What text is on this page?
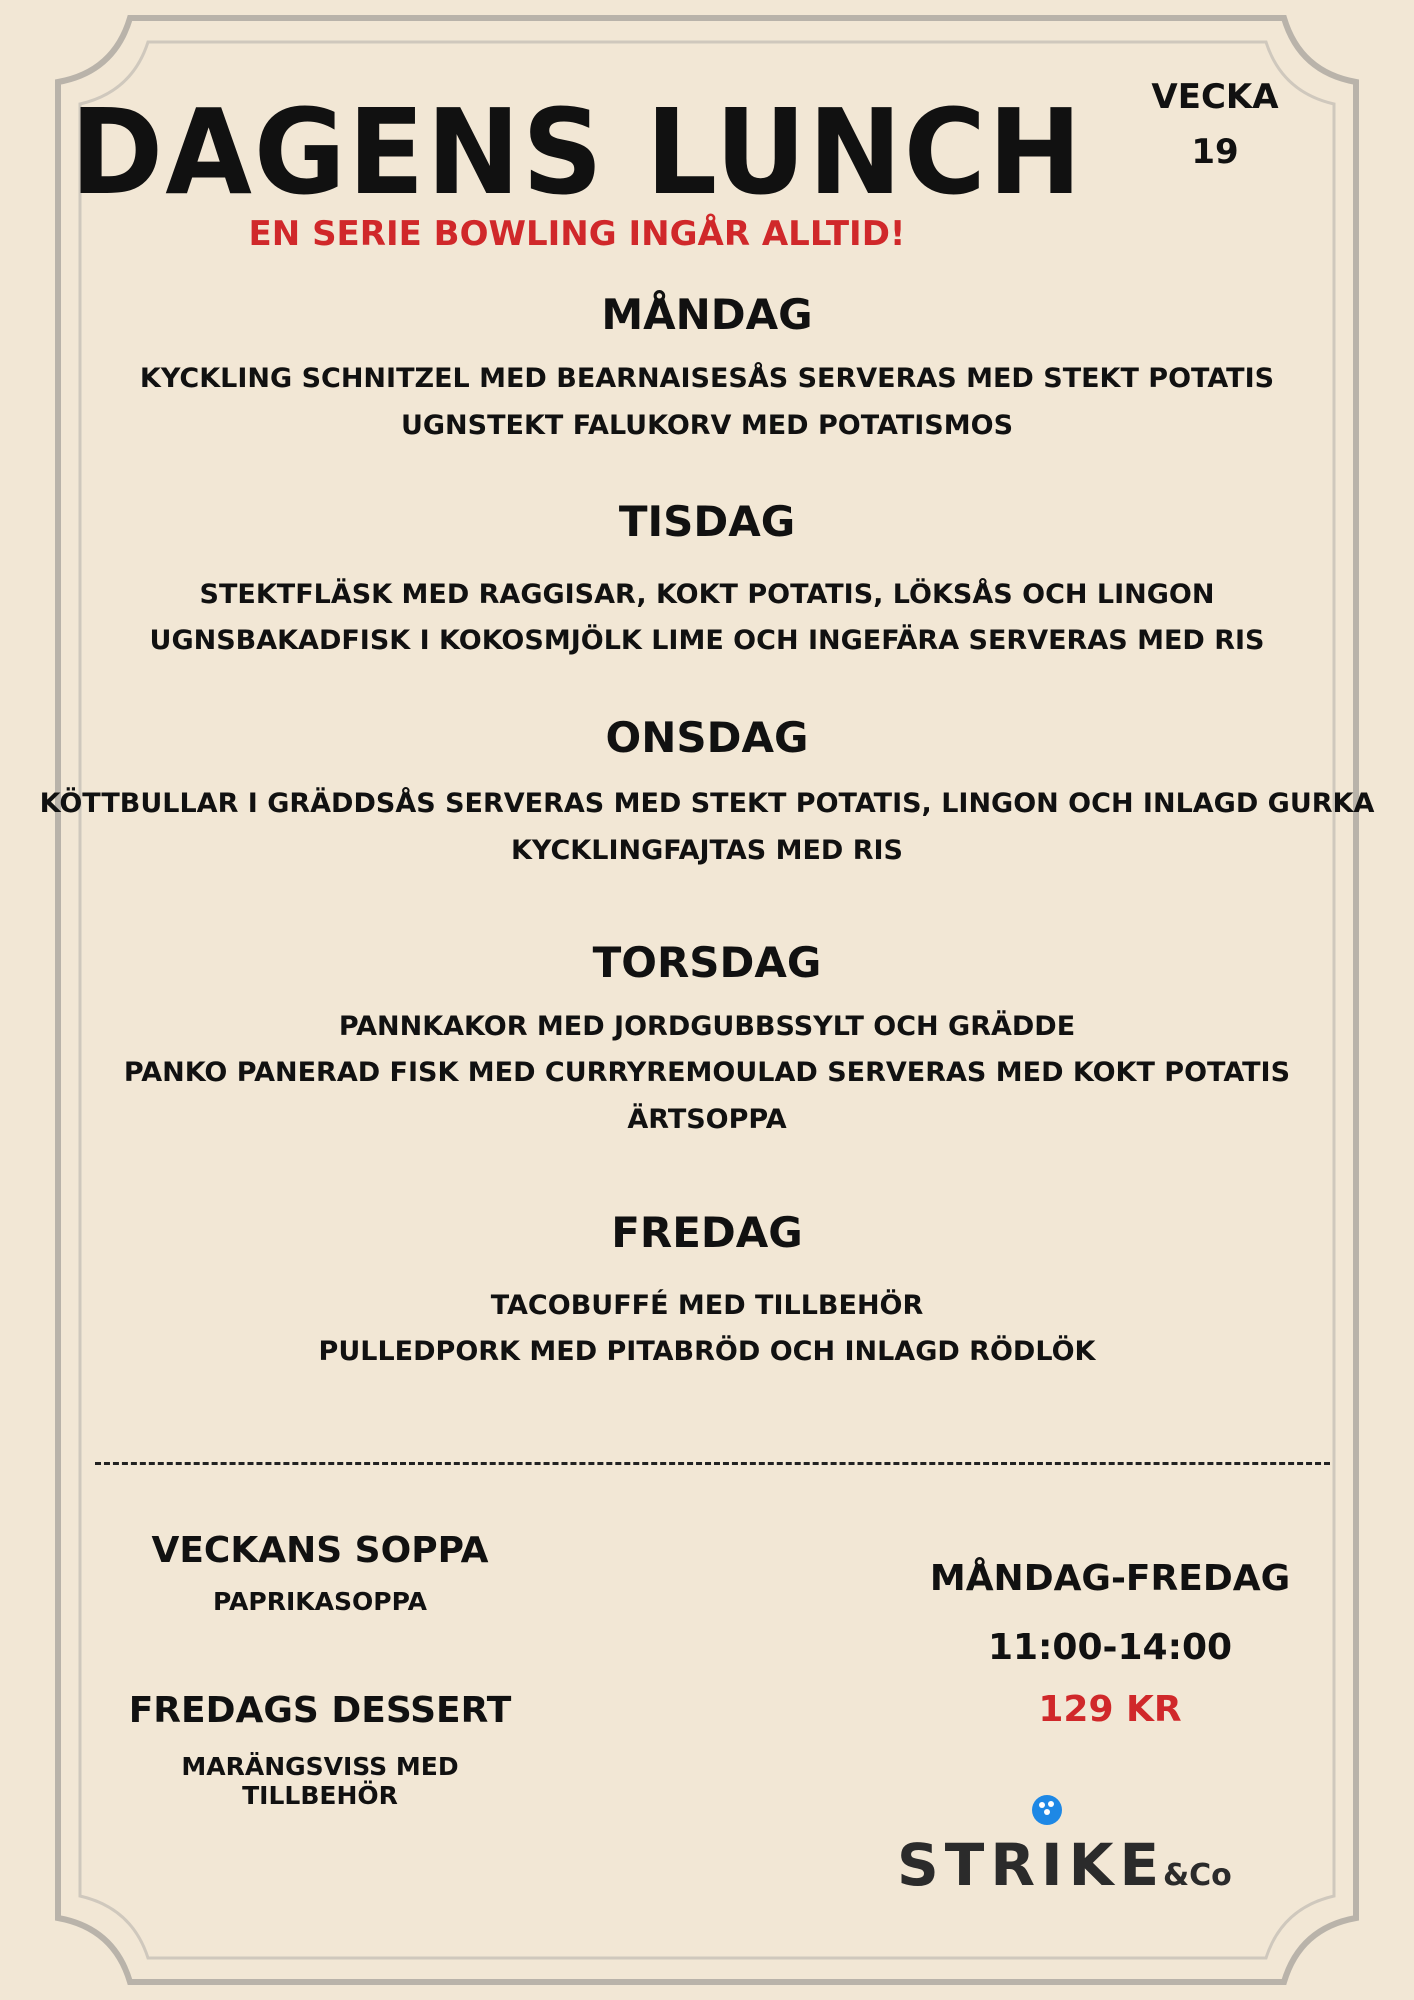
DAGENS LUNCH
EN SERIE BOWLING INGÅR ALLTID!
VECKA
19
MÅNDAG
KYCKLING SCHNITZEL MED BEARNAISESÅS SERVERAS MED STEKT POTATIS
UGNSTEKT FALUKORV MED POTATISMOS
TISDAG
STEKTFLÄSK MED RAGGISAR, KOKT POTATIS, LÖKSÅS OCH LINGON
UGNSBAKADFISK I KOKOSMJÖLK LIME OCH INGEFÄRA SERVERAS MED RIS
ONSDAG
KÖTTBULLAR I GRÄDDSÅS SERVERAS MED STEKT POTATIS, LINGON OCH INLAGD GURKA
KYCKLINGFAJTAS MED RIS
TORSDAG
PANNKAKOR MED JORDGUBBSSYLT OCH GRÄDDE
PANKO PANERAD FISK MED CURRYREMOULAD SERVERAS MED KOKT POTATIS
ÄRTSOPPA
FREDAG
TACOBUFFÉ MED TILLBEHÖR
PULLEDPORK MED PITABRÖD OCH INLAGD RÖDLÖK
VECKANS SOPPA
PAPRIKASOPPA
FREDAGS DESSERT
MARÄNGSVISS MED TILLBEHÖR
MÅNDAG-FREDAG
11:00-14:00
129 KR
STRIKE
&Co
